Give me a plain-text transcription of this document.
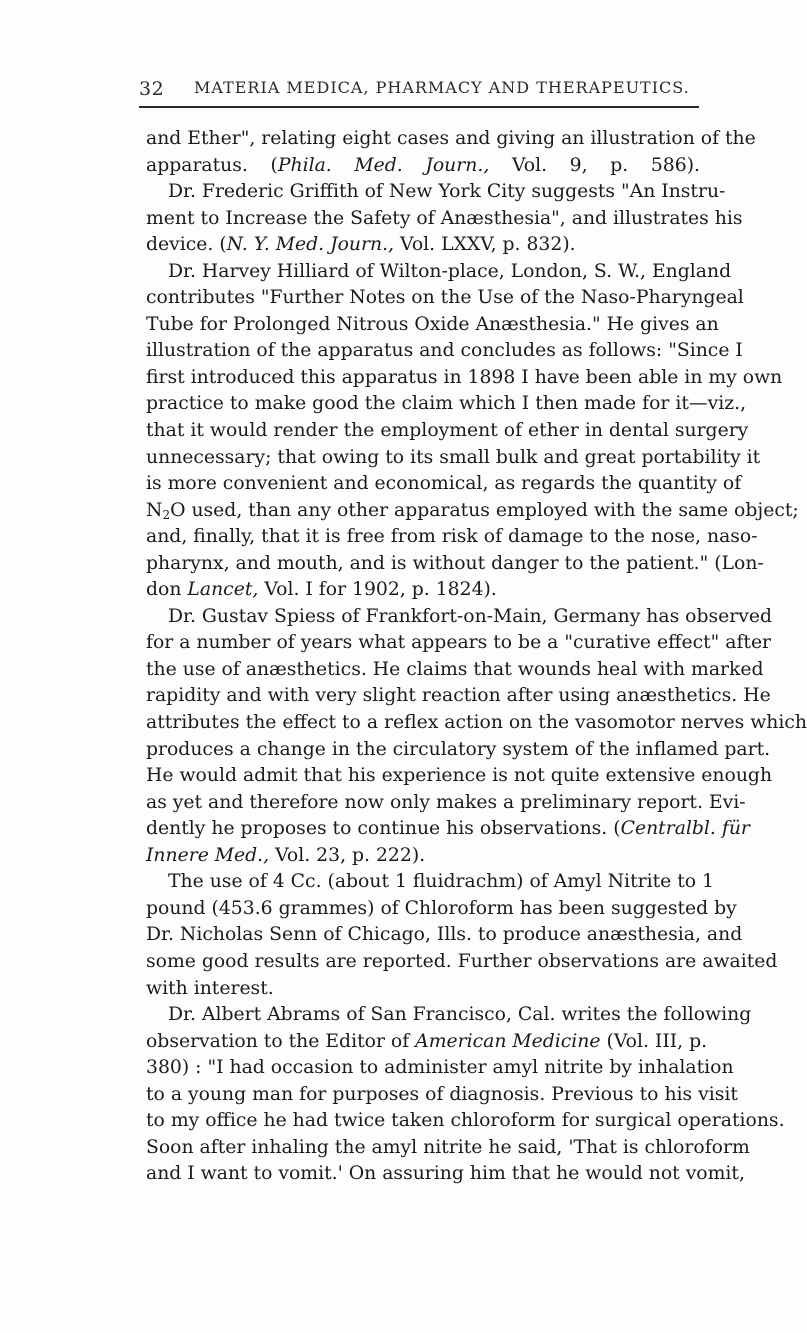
32 MATERIA MEDICA, PHARMACY AND THERAPEUTICS.
and Ether", relating eight cases and giving an illustration of the
apparatus. (Phila. Med. Journ., Vol. 9, p. 586).
Dr. Frederic Griffith of New York City suggests "An Instru-
ment to Increase the Safety of Anæsthesia", and illustrates his
device. (N. Y. Med. Journ., Vol. LXXV, p. 832).
Dr. Harvey Hilliard of Wilton-place, London, S. W., England
contributes "Further Notes on the Use of the Naso-Pharyngeal
Tube for Prolonged Nitrous Oxide Anæsthesia." He gives an
illustration of the apparatus and concludes as follows: "Since I
first introduced this apparatus in 1898 I have been able in my own
practice to make good the claim which I then made for it—viz.,
that it would render the employment of ether in dental surgery
unnecessary; that owing to its small bulk and great portability it
is more convenient and economical, as regards the quantity of
$N_2O$ used, than any other apparatus employed with the same object;
and, finally, that it is free from risk of damage to the nose, naso-
pharynx, and mouth, and is without danger to the patient." (Lon-
don Lancet, Vol. I for 1902, p. 1824).
Dr. Gustav Spiess of Frankfort-on-Main, Germany has observed
for a number of years what appears to be a "curative effect" after
the use of anæsthetics. He claims that wounds heal with marked
rapidity and with very slight reaction after using anæsthetics. He
attributes the effect to a reflex action on the vasomotor nerves which
produces a change in the circulatory system of the inflamed part.
He would admit that his experience is not quite extensive enough
as yet and therefore now only makes a preliminary report. Evi-
dently he proposes to continue his observations. (Centralbl. für
Innere Med., Vol. 23, p. 222).
The use of 4 Cc. (about 1 fluidrachm) of Amyl Nitrite to 1
pound (453.6 grammes) of Chloroform has been suggested by
Dr. Nicholas Senn of Chicago, Ills. to produce anæsthesia, and
some good results are reported. Further observations are awaited
with interest.
Dr. Albert Abrams of San Francisco, Cal. writes the following
observation to the Editor of American Medicine (Vol. III, p.
380) : "I had occasion to administer amyl nitrite by inhalation
to a young man for purposes of diagnosis. Previous to his visit
to my office he had twice taken chloroform for surgical operations.
Soon after inhaling the amyl nitrite he said, 'That is chloroform
and I want to vomit.' On assuring him that he would not vomit,
